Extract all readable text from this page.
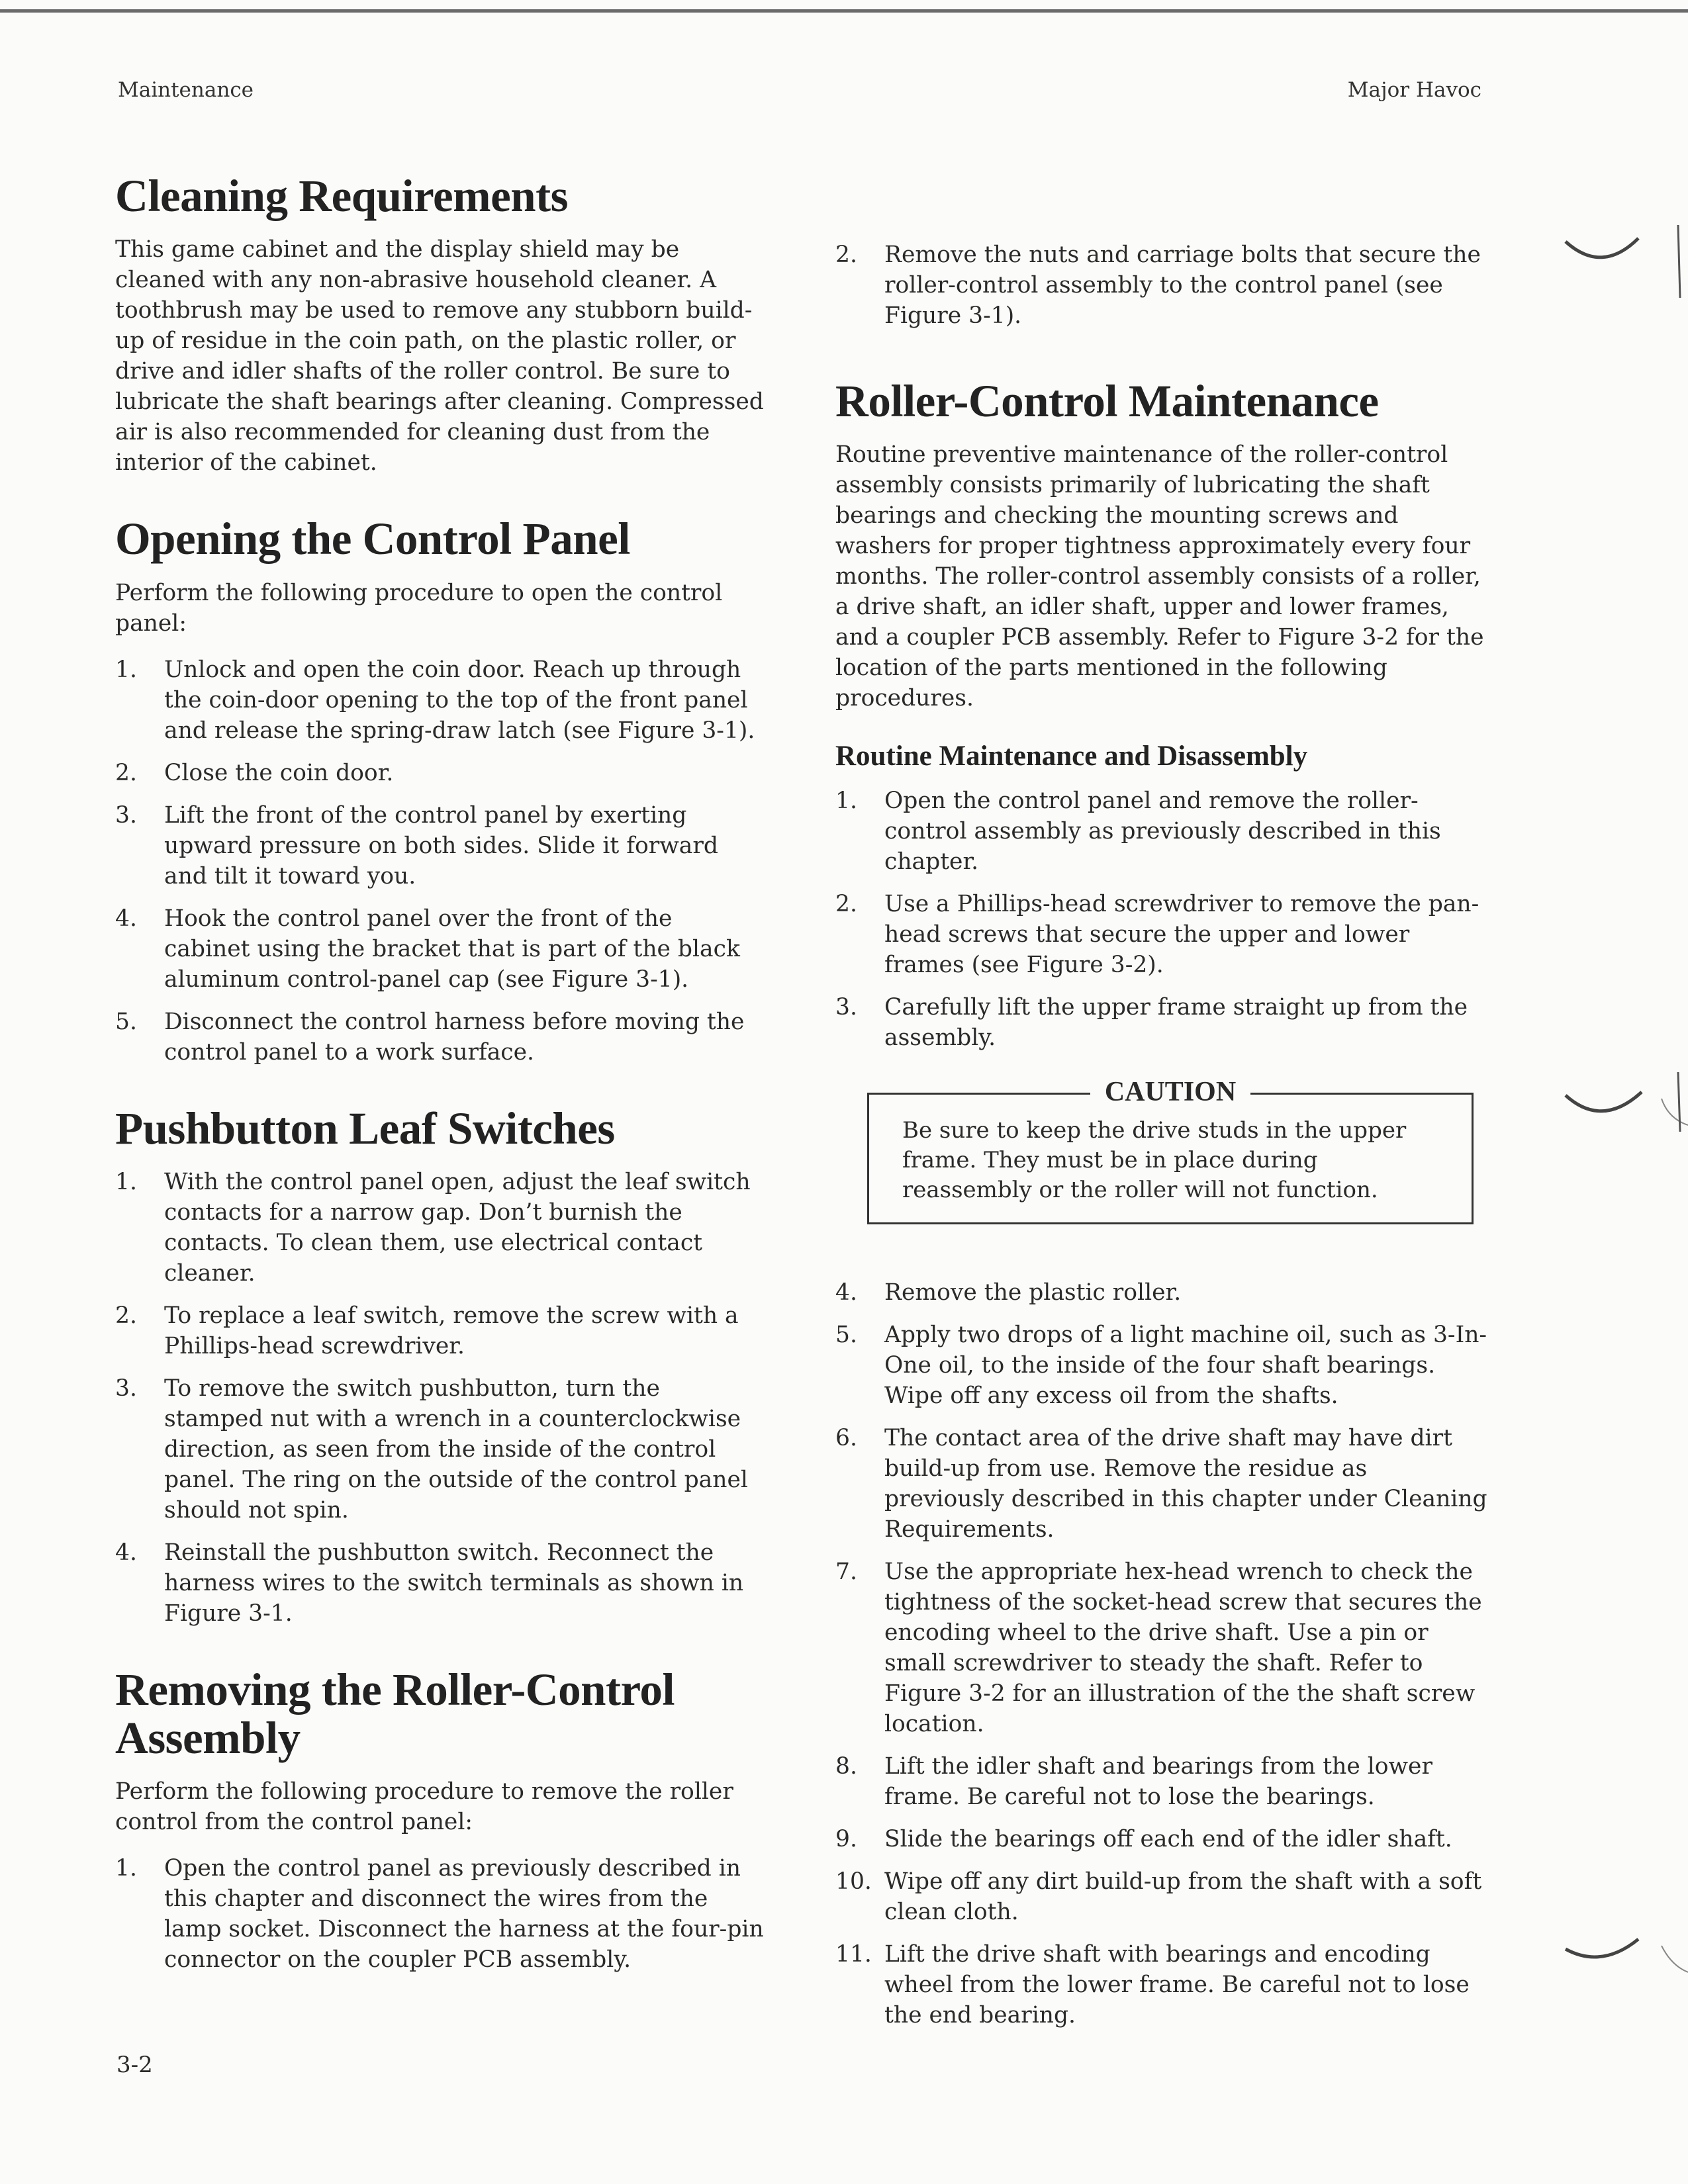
Maintenance	Major Havoc
Cleaning Requirements

This game cabinet and the display shield may be cleaned with any non-abrasive household cleaner. A toothbrush may be used to remove any stubborn build-up of residue in the coin path, on the plastic roller, or drive and idler shafts of the roller control. Be sure to lubricate the shaft bearings after cleaning. Compressed air is also recommended for cleaning dust from the interior of the cabinet.

Opening the Control Panel

Perform the following procedure to open the control panel:

1. Unlock and open the coin door. Reach up through the coin-door opening to the top of the front panel and release the spring-draw latch (see Figure 3-1).
2. Close the coin door.
3. Lift the front of the control panel by exerting upward pressure on both sides. Slide it forward and tilt it toward you.
4. Hook the control panel over the front of the cabinet using the bracket that is part of the black aluminum control-panel cap (see Figure 3-1).
5. Disconnect the control harness before moving the control panel to a work surface.
Pushbutton Leaf Switches
1. With the control panel open, adjust the leaf switch contacts for a narrow gap. Don’t burnish the contacts. To clean them, use electrical contact cleaner.
2. To replace a leaf switch, remove the screw with a Phillips-head screwdriver.
3. To remove the switch pushbutton, turn the stamped nut with a wrench in a counterclockwise direction, as seen from the inside of the control panel. The ring on the outside of the control panel should not spin.
4. Reinstall the pushbutton switch. Reconnect the harness wires to the switch terminals as shown in Figure 3-1.
Removing the Roller-Control Assembly

Perform the following procedure to remove the roller control from the control panel:

1. Open the control panel as previously described in this chapter and disconnect the wires from the lamp socket. Disconnect the harness at the four-pin connector on the coupler PCB assembly.
2. Remove the nuts and carriage bolts that secure the roller-control assembly to the control panel (see Figure 3-1).
Roller-Control Maintenance

Routine preventive maintenance of the roller-control assembly consists primarily of lubricating the shaft bearings and checking the mounting screws and washers for proper tightness approximately every four months. The roller-control assembly consists of a roller, a drive shaft, an idler shaft, upper and lower frames, and a coupler PCB assembly. Refer to Figure 3-2 for the location of the parts mentioned in the following procedures.

Routine Maintenance and Disassembly
1. Open the control panel and remove the roller-control assembly as previously described in this chapter.
2. Use a Phillips-head screwdriver to remove the pan-head screws that secure the upper and lower frames (see Figure 3-2).
3. Carefully lift the upper frame straight up from the assembly.
CAUTION
Be sure to keep the drive studs in the upper frame. They must be in place during reassembly or the roller will not function.
4. Remove the plastic roller.
5. Apply two drops of a light machine oil, such as 3-In-One oil, to the inside of the four shaft bearings. Wipe off any excess oil from the shafts.
6. The contact area of the drive shaft may have dirt build-up from use. Remove the residue as previously described in this chapter under Cleaning Requirements.
7. Use the appropriate hex-head wrench to check the tightness of the socket-head screw that secures the encoding wheel to the drive shaft. Use a pin or small screwdriver to steady the shaft. Refer to Figure 3-2 for an illustration of the the shaft screw location.
8. Lift the idler shaft and bearings from the lower frame. Be careful not to lose the bearings.
9. Slide the bearings off each end of the idler shaft.
10. Wipe off any dirt build-up from the shaft with a soft clean cloth.
11. Lift the drive shaft with bearings and encoding wheel from the lower frame. Be careful not to lose the end bearing.
3-2
